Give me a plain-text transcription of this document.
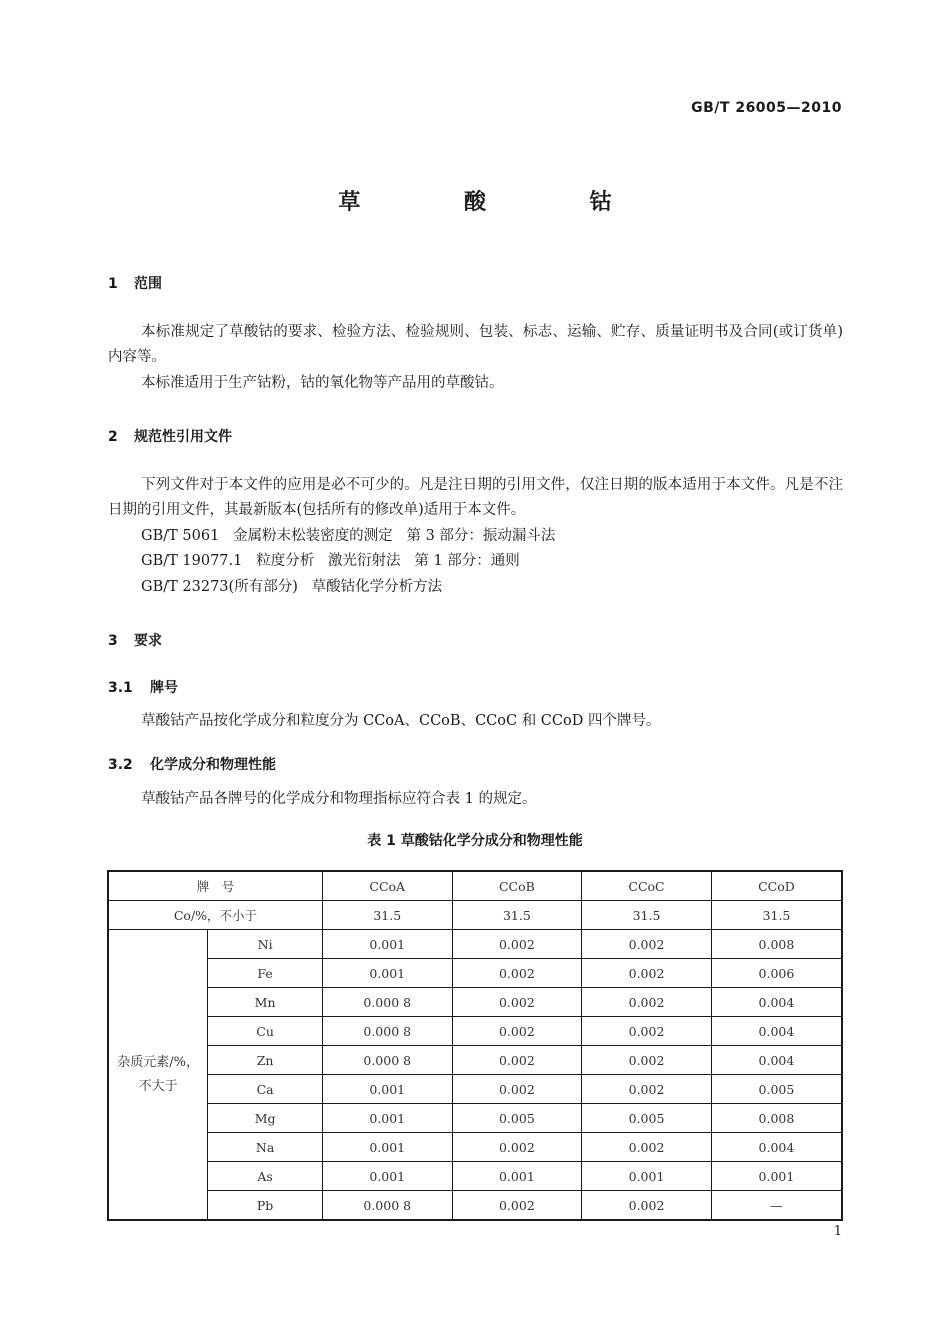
GB/T 26005—2010
草 酸 钴
1 范围
本标准规定了草酸钴的要求、检验方法、检验规则、包装、标志、运输、贮存、质量证明书及合同(或订货单)内容等。
本标准适用于生产钴粉，钴的氧化物等产品用的草酸钴。
2 规范性引用文件
下列文件对于本文件的应用是必不可少的。凡是注日期的引用文件，仅注日期的版本适用于本文件。凡是不注日期的引用文件，其最新版本(包括所有的修改单)适用于本文件。
GB/T 5061   金属粉末松装密度的测定   第 3 部分：振动漏斗法
GB/T 19077.1   粒度分析   激光衍射法   第 1 部分：通则
GB/T 23273(所有部分)   草酸钴化学分析方法
3 要求
3.1 牌号
草酸钴产品按化学成分和粒度分为 CCoA、CCoB、CCoC 和 CCoD 四个牌号。
3.2 化学成分和物理性能
草酸钴产品各牌号的化学成分和物理指标应符合表 1 的规定。
表 1 草酸钴化学分成分和物理性能
牌　号		CCoA	CCoB	CCoC	CCoD
Co/%，不小于		31.5	31.5	31.5	31.5

杂质元素/%，
不大于	Ni	0.001	0.002	0.002	0.008
	Fe	0.001	0.002	0.002	0.006
	Mn	0.000 8	0.002	0.002	0.004
	Cu	0.000 8	0.002	0.002	0.004
	Zn	0.000 8	0.002	0.002	0.004
	Ca	0.001	0.002	0.002	0.005
	Mg	0.001	0.005	0.005	0.008
	Na	0.001	0.002	0.002	0.004
	As	0.001	0.001	0.001	0.001
	Pb	0.000 8	0.002	0.002	—
1
